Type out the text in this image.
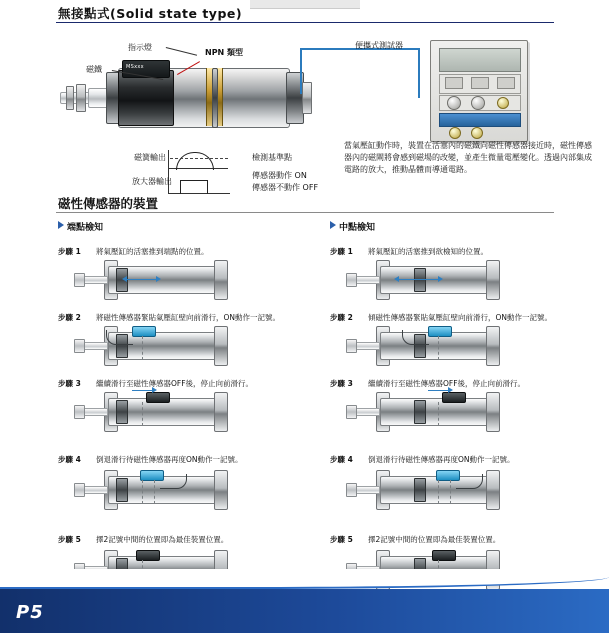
無接點式(Solid state type)
MSxxx
指示燈
NPN 類型
磁鐵
便攜式測試器
磁簧輸出	檢測基準點
放大器輸出
傳感器動作 ON
傳感器不動作 OFF
當氣壓缸動作時，裝置在活塞內的磁鐵向磁性傳感器接近時，磁性傳感器內的磁閘將會感到磁場的改變，並產生微量電壓變化。透過內部集成電路的放大，推動晶體而導通電路。
磁性傳感器的裝置
端點檢知	中點檢知
步驟 1 將氣壓缸的活塞推到端點的位置。
步驟 2 將磁性傳感器緊貼氣壓缸壁向前滑行，ON動作一記號。
步驟 3 繼續滑行至磁性傳感器OFF後，停止向前滑行。
步驟 4 倒退滑行待磁性傳感器再度ON動作一記號。
步驟 5 擇2記號中間的位置即為最佳裝置位置。
步驟 1 將氣壓缸的活塞推到欲檢知的位置。
步驟 2 傾磁性傳感器緊貼氣壓缸壁向前滑行，ON動作一記號。
步驟 3 繼續滑行至磁性傳感器OFF後，停止向前滑行。
步驟 4 倒退滑行待磁性傳感器再度ON動作一記號。
步驟 5 擇2記號中間的位置即為最佳裝置位置。
P5
